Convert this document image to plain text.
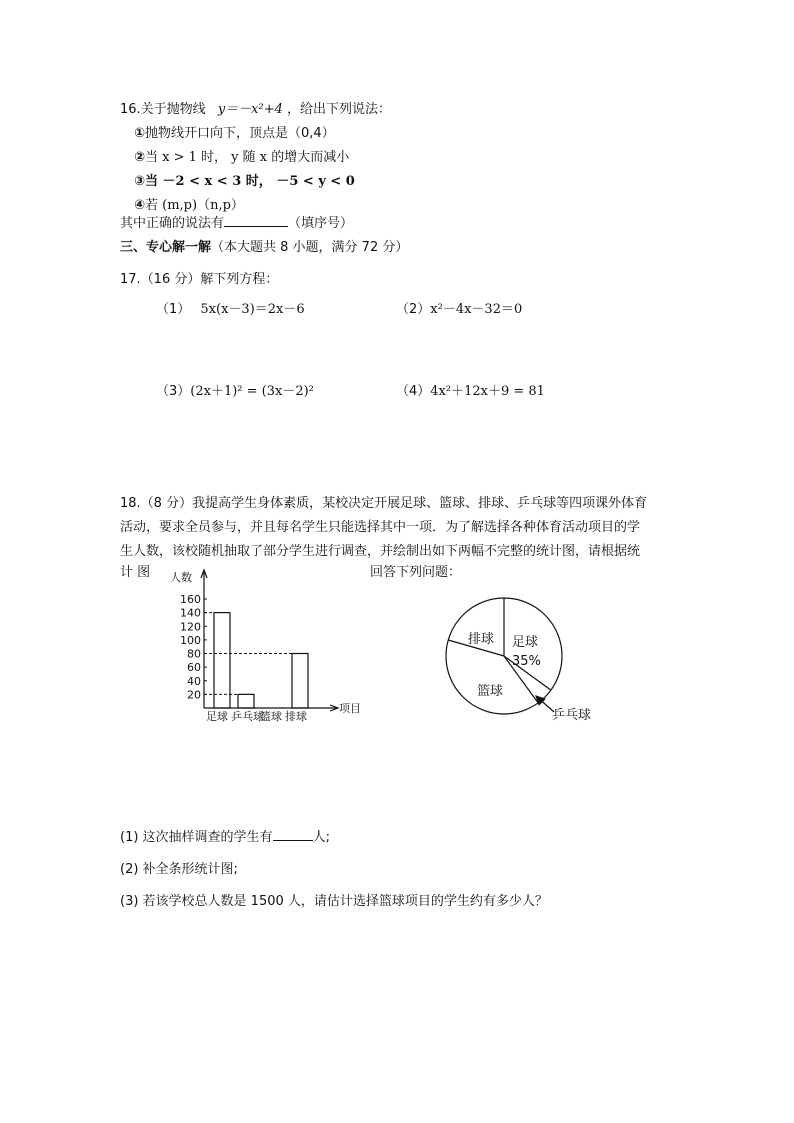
16.关于抛物线 y＝－x²+4 ，给出下列说法：
①抛物线开口向下，顶点是（0,4）
②当 x > 1 时， y 随 x 的增大而减小
③当 －2 < x < 3 时， －5 < y < 0
④若 (m,p)（n,p）
其中正确的说法有	（填序号）
三、专心解一解（本大题共 8 小题，满分 72 分）
17.（16 分）解下列方程：
（1） 5x(x－3)＝2x－6	（2）x²－4x－32＝0
（3）(2x＋1)² = (3x－2)²	（4）4x²＋12x＋9 = 81
18.（8 分）我提高学生身体素质，某校决定开展足球、篮球、排球、乒乓球等四项课外体育
活动，要求全员参与，并且每名学生只能选择其中一项．为了解选择各种体育活动项目的学
生人数，该校随机抽取了部分学生进行调查，并绘制出如下两幅不完整的统计图，请根据统
计 图	回答下列问题：
人数
项目
160
140
120
100
80
60
40
20
足球 乒乓球
篮球 排球
足球
35%
排球
篮球
乒乓球
(1) 这次抽样调查的学生有	人;
(2) 补全条形统计图;
(3) 若该学校总人数是 1500 人，请估计选择篮球项目的学生约有多少人？
